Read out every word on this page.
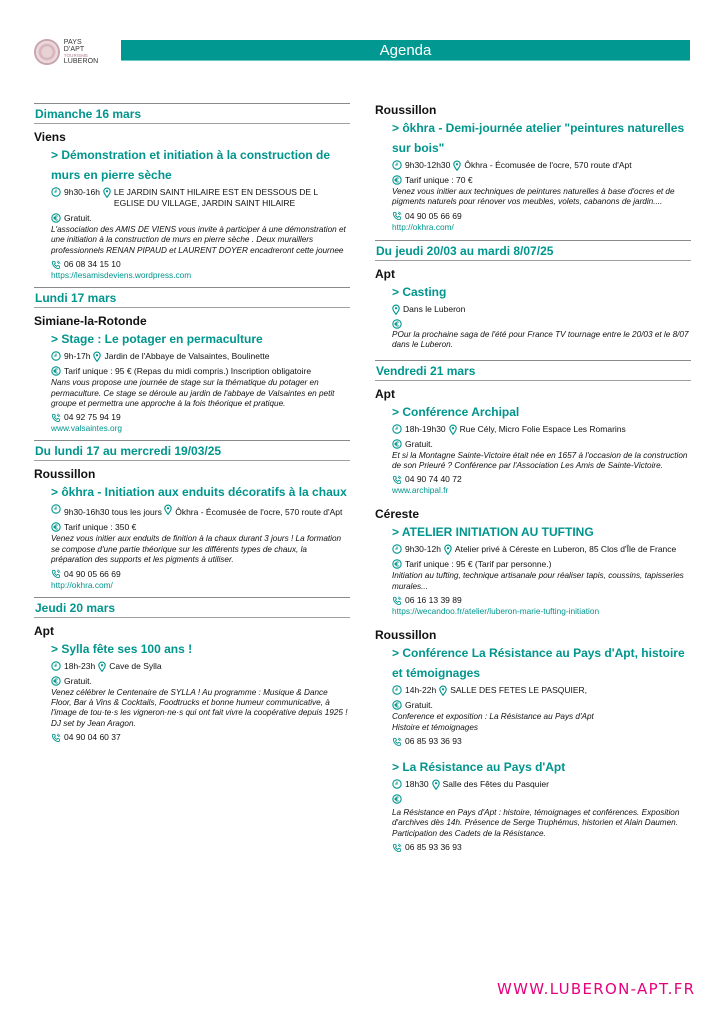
PAYS D'APT
TOURISME
LUBERON
Agenda
Dimanche 16 mars
Viens
> Démonstration et initiation à la construction de murs en pierre sèche
9h30-16h LE JARDIN SAINT HILAIRE EST EN DESSOUS DE L EGLISE DU VILLAGE, JARDIN SAINT HILAIRE
Gratuit.
L'association des AMIS DE VIENS vous invite à participer à une démonstration et une initiation à la construction de murs en pierre sèche . Deux muraillers professionnels RENAN PIPAUD et LAURENT DOYER encadreront cette journee
06 08 34 15 10
https://lesamisdeviens.wordpress.com
Lundi 17 mars
Simiane-la-Rotonde
> Stage : Le potager en permaculture
9h-17h Jardin de l'Abbaye de Valsaintes, Boulinette
Tarif unique : 95 € (Repas du midi compris.) Inscription obligatoire
Nans vous propose une journée de stage sur la thématique du potager en permaculture. Ce stage se déroule au jardin de l'abbaye de Valsaintes en petit groupe et permettra une approche à la fois théorique et pratique.
04 92 75 94 19
www.valsaintes.org
Du lundi 17 au mercredi 19/03/25
Roussillon
> ôkhra - Initiation aux enduits décoratifs à la chaux
9h30-16h30 tous les jours Ôkhra - Écomusée de l'ocre, 570 route d'Apt
Tarif unique : 350 €
Venez vous initier aux enduits de finition à la chaux durant 3 jours ! La formation se compose d'une partie théorique sur les différents types de chaux, la préparation des supports et les pigments à utiliser.
04 90 05 66 69
http://okhra.com/
Jeudi 20 mars
Apt
> Sylla fête ses 100 ans !
18h-23h Cave de Sylla
Gratuit.
Venez célébrer le Centenaire de SYLLA ! Au programme : Musique & Dance Floor, Bar à Vins & Cocktails, Foodtrucks et bonne humeur communicative, à l'image de tou·te·s les vigneron·ne·s qui ont fait vivre la coopérative depuis 1925 ! DJ set by Jean Aragon.
04 90 04 60 37
Roussillon
> ôkhra - Demi-journée atelier "peintures naturelles sur bois"
9h30-12h30 Ôkhra - Écomusée de l'ocre, 570 route d'Apt
Tarif unique : 70 €
Venez vous initier aux techniques de peintures naturelles à base d'ocres et de pigments naturels pour rénover vos meubles, volets, cabanons de jardin....
04 90 05 66 69
http://okhra.com/
Du jeudi 20/03 au mardi 8/07/25
Apt
> Casting
Dans le Luberon
POur la prochaine saga de l'été pour France TV tournage entre le 20/03 et le 8/07 dans le Luberon.
Vendredi 21 mars
Apt
> Conférence Archipal
18h-19h30 Rue Cély, Micro Folie Espace Les Romarins
Gratuit.
Et si la Montagne Sainte-Victoire était née en 1657 à l'occasion de la construction de son Prieuré ? Conférence par l'Association Les Amis de Sainte-Victoire.
04 90 74 40 72
www.archipal.fr
Céreste
> ATELIER INITIATION AU TUFTING
9h30-12h Atelier privé à Céreste en Luberon, 85 Clos d'Île de France
Tarif unique : 95 € (Tarif par personne.)
Initiation au tufting, technique artisanale pour réaliser tapis, coussins, tapisseries murales...
06 16 13 39 89
https://wecandoo.fr/atelier/luberon-marie-tufting-initiation
Roussillon
> Conférence La Résistance au Pays d'Apt, histoire et témoignages
14h-22h SALLE DES FETES LE PASQUIER,
Gratuit.
Conference et exposition : La Résistance au Pays d'Apt
Histoire et témoignages
06 85 93 36 93
> La Résistance au Pays d'Apt
18h30 Salle des Fêtes du Pasquier
La Résistance en Pays d'Apt : histoire, témoignages et conférences. Exposition d'archives dès 14h. Présence de Serge Truphémus, historien et Alain Daumen. Participation des Cadets de la Résistance.
06 85 93 36 93
WWW.LUBERON-APT.FR
